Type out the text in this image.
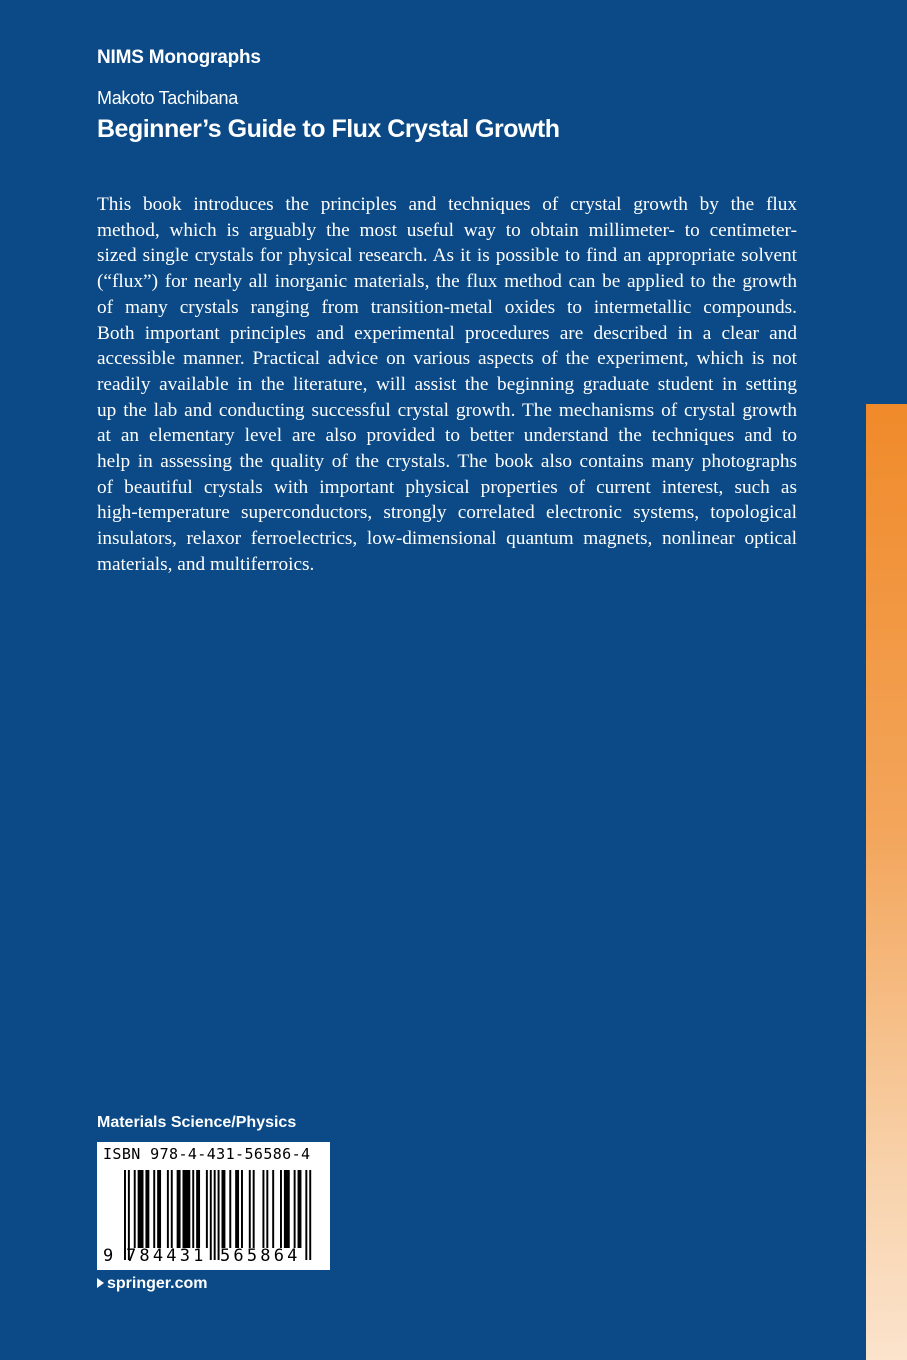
NIMS Monographs
Makoto Tachibana
Beginner’s Guide to Flux Crystal Growth
This book introduces the principles and techniques of crystal growth by the flux
method, which is arguably the most useful way to obtain millimeter- to centimeter-
sized single crystals for physical research. As it is possible to find an appropriate solvent
(“flux”) for nearly all inorganic materials, the flux method can be applied to the growth
of many crystals ranging from transition-metal oxides to intermetallic compounds.
Both important principles and experimental procedures are described in a clear and
accessible manner. Practical advice on various aspects of the experiment, which is not
readily available in the literature, will assist the beginning graduate student in setting
up the lab and conducting successful crystal growth. The mechanisms of crystal growth
at an elementary level are also provided to better understand the techniques and to
help in assessing the quality of the crystals. The book also contains many photographs
of beautiful crystals with important physical properties of current interest, such as
high-temperature superconductors, strongly correlated electronic systems, topological
insulators, relaxor ferroelectrics, low-dimensional quantum magnets, nonlinear optical
materials, and multiferroics.
Materials Science/Physics
ISBN 978-4-431-56586-4
9 784431 565864
springer.com
